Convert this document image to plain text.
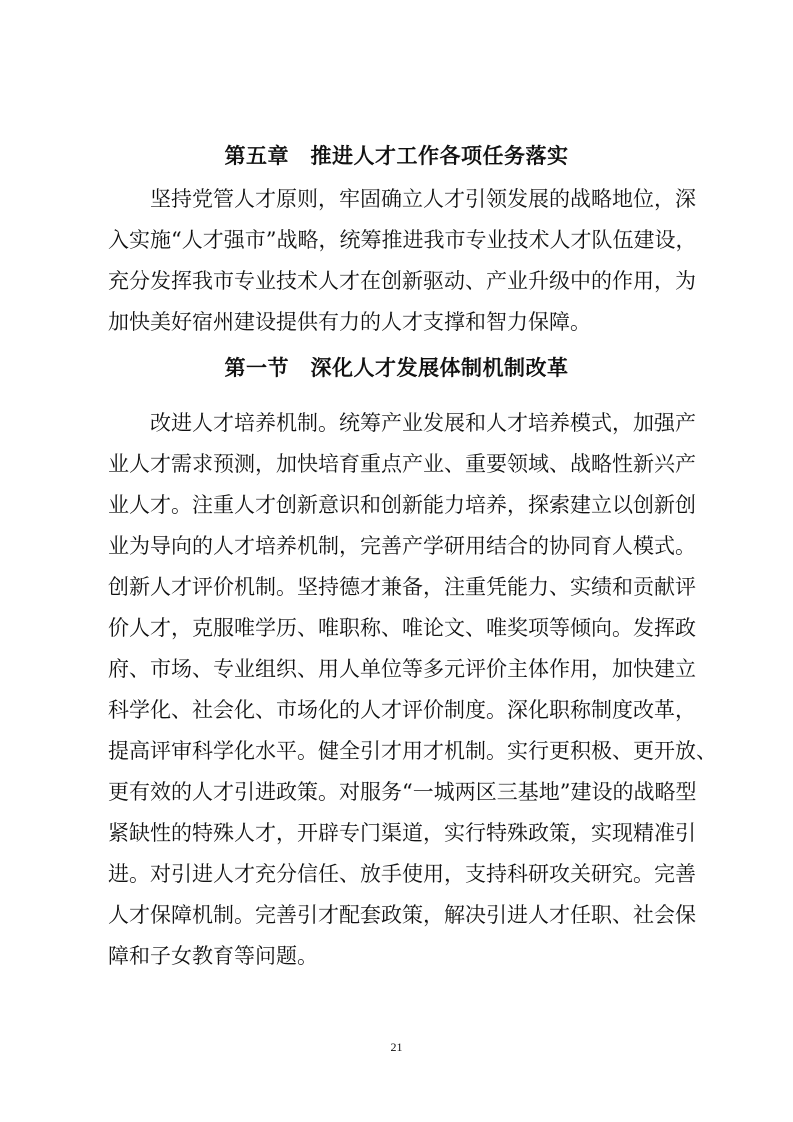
第五章　推进人才工作各项任务落实
坚持党管人才原则，牢固确立人才引领发展的战略地位，深
入实施“人才强市”战略，统筹推进我市专业技术人才队伍建设，
充分发挥我市专业技术人才在创新驱动、产业升级中的作用，为
加快美好宿州建设提供有力的人才支撑和智力保障。
第一节　深化人才发展体制机制改革
改进人才培养机制。统筹产业发展和人才培养模式，加强产
业人才需求预测，加快培育重点产业、重要领域、战略性新兴产
业人才。注重人才创新意识和创新能力培养，探索建立以创新创
业为导向的人才培养机制，完善产学研用结合的协同育人模式。
创新人才评价机制。坚持德才兼备，注重凭能力、实绩和贡献评
价人才，克服唯学历、唯职称、唯论文、唯奖项等倾向。发挥政
府、市场、专业组织、用人单位等多元评价主体作用，加快建立
科学化、社会化、市场化的人才评价制度。深化职称制度改革，
提高评审科学化水平。健全引才用才机制。实行更积极、更开放、
更有效的人才引进政策。对服务“一城两区三基地”建设的战略型
紧缺性的特殊人才，开辟专门渠道，实行特殊政策，实现精准引
进。对引进人才充分信任、放手使用，支持科研攻关研究。完善
人才保障机制。完善引才配套政策，解决引进人才任职、社会保
障和子女教育等问题。
21
